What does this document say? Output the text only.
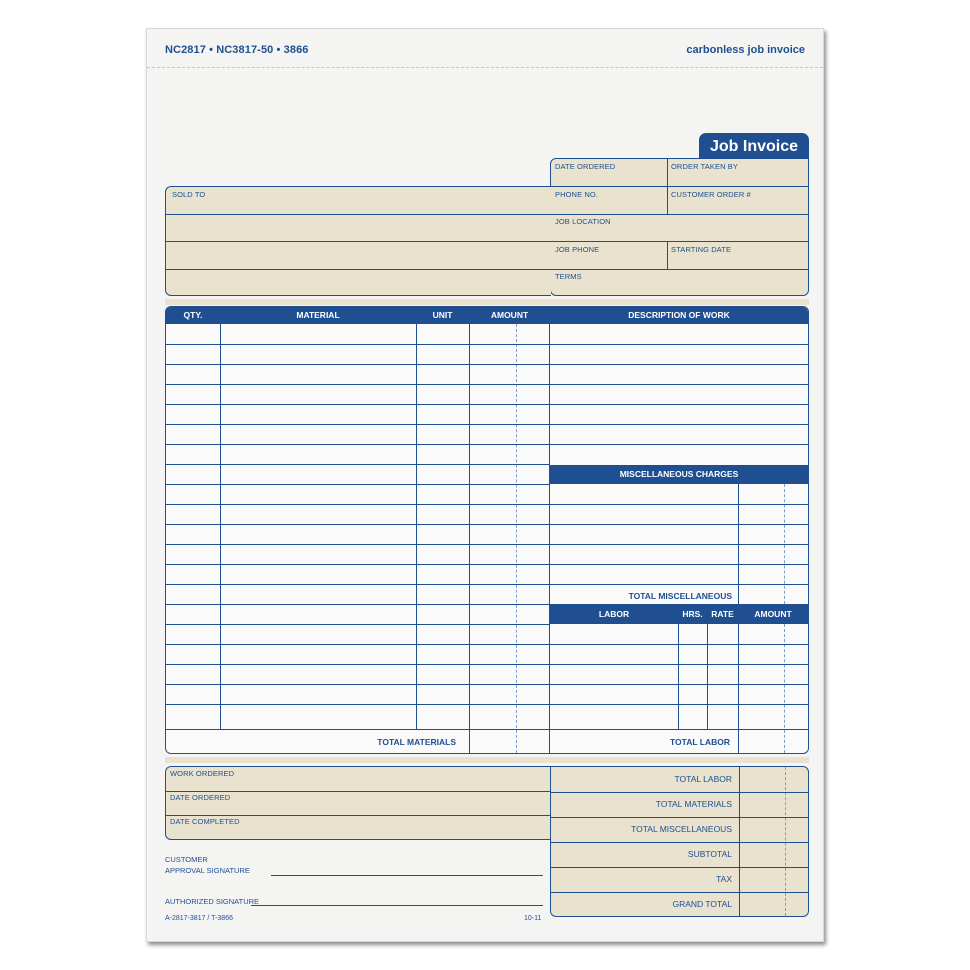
NC2817 • NC3817-50 • 3866	carbonless job invoice
Job Invoice
DATE ORDERED	ORDER TAKEN BY
PHONE NO.	CUSTOMER ORDER #
JOB LOCATION
JOB PHONE	STARTING DATE
TERMS
SOLD TO
QTY.	MATERIAL	UNIT	AMOUNT
TOTAL MATERIALS
DESCRIPTION OF WORK
MISCELLANEOUS CHARGES
TOTAL MISCELLANEOUS
LABOR	HRS.	RATE	AMOUNT
TOTAL LABOR
WORK ORDERED
DATE ORDERED
DATE COMPLETED
TOTAL LABOR
TOTAL MATERIALS
TOTAL MISCELLANEOUS
SUBTOTAL
TAX
GRAND TOTAL
CUSTOMER
APPROVAL SIGNATURE
AUTHORIZED SIGNATURE
A-2817-3817 / T-3866	10-11
